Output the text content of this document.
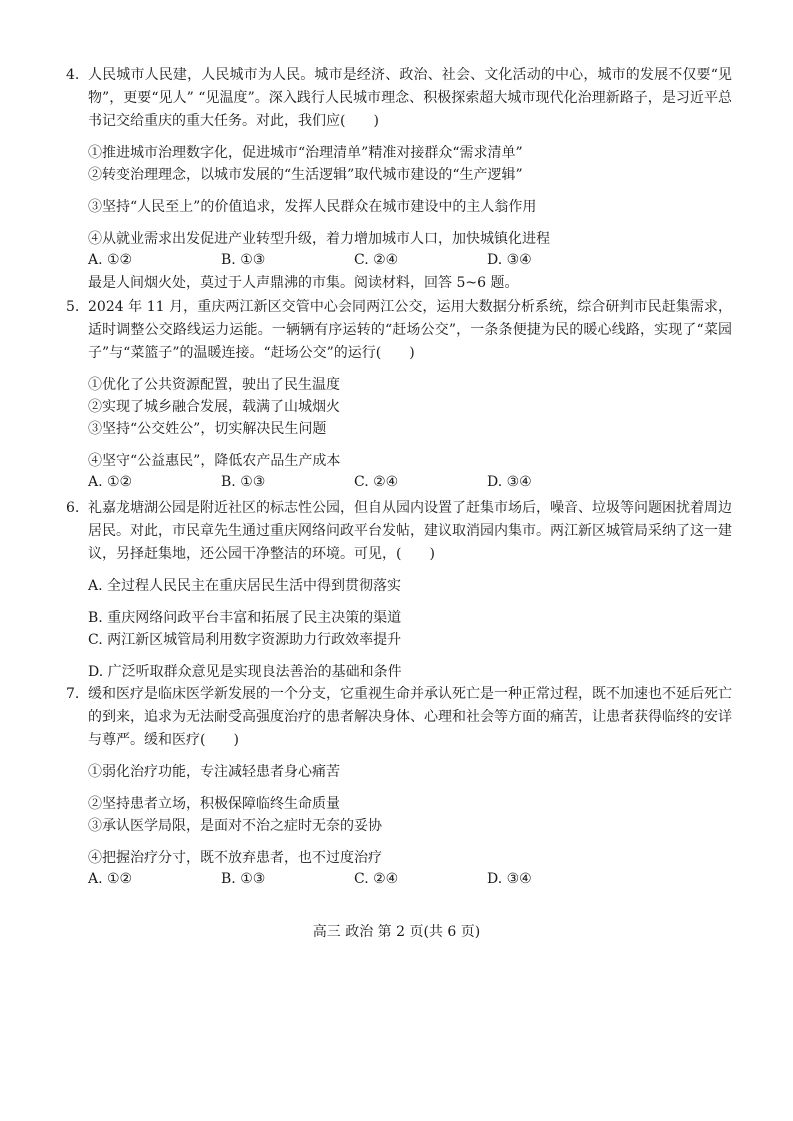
4. 人民城市人民建，人民城市为人民。城市是经济、政治、社会、文化活动的中心，城市的发展不仅要“见物”，更要“见人” “见温度”。深入践行人民城市理念、积极探索超大城市现代化治理新路子，是习近平总书记交给重庆的重大任务。对此，我们应(　　)
①推进城市治理数字化，促进城市“治理清单”精准对接群众“需求清单”
②转变治理理念，以城市发展的“生活逻辑”取代城市建设的“生产逻辑”
③坚持“人民至上”的价值追求，发挥人民群众在城市建设中的主人翁作用
④从就业需求出发促进产业转型升级，着力增加城市人口，加快城镇化进程
A. ①②	B. ①③	C. ②④	D. ③④
最是人间烟火处，莫过于人声鼎沸的市集。阅读材料，回答 5~6 题。
5. 2024 年 11 月，重庆两江新区交管中心会同两江公交，运用大数据分析系统，综合研判市民赶集需求，适时调整公交路线运力运能。一辆辆有序运转的“赶场公交”，一条条便捷为民的暖心线路，实现了“菜园子”与“菜篮子”的温暖连接。“赶场公交”的运行(　　)
①优化了公共资源配置，驶出了民生温度
②实现了城乡融合发展，载满了山城烟火
③坚持“公交姓公”，切实解决民生问题
④坚守“公益惠民”，降低农产品生产成本
A. ①②	B. ①③	C. ②④	D. ③④
6. 礼嘉龙塘湖公园是附近社区的标志性公园，但自从园内设置了赶集市场后，噪音、垃圾等问题困扰着周边居民。对此，市民章先生通过重庆网络问政平台发帖，建议取消园内集市。两江新区城管局采纳了这一建议，另择赶集地，还公园干净整洁的环境。可见，(　　)
A. 全过程人民民主在重庆居民生活中得到贯彻落实
B. 重庆网络问政平台丰富和拓展了民主决策的渠道
C. 两江新区城管局利用数字资源助力行政效率提升
D. 广泛听取群众意见是实现良法善治的基础和条件
7. 缓和医疗是临床医学新发展的一个分支，它重视生命并承认死亡是一种正常过程，既不加速也不延后死亡的到来，追求为无法耐受高强度治疗的患者解决身体、心理和社会等方面的痛苦，让患者获得临终的安详与尊严。缓和医疗(　　)
①弱化治疗功能，专注减轻患者身心痛苦
②坚持患者立场，积极保障临终生命质量
③承认医学局限，是面对不治之症时无奈的妥协
④把握治疗分寸，既不放弃患者，也不过度治疗
A. ①②	B. ①③	C. ②④	D. ③④
高三 政治 第 2 页(共 6 页)
